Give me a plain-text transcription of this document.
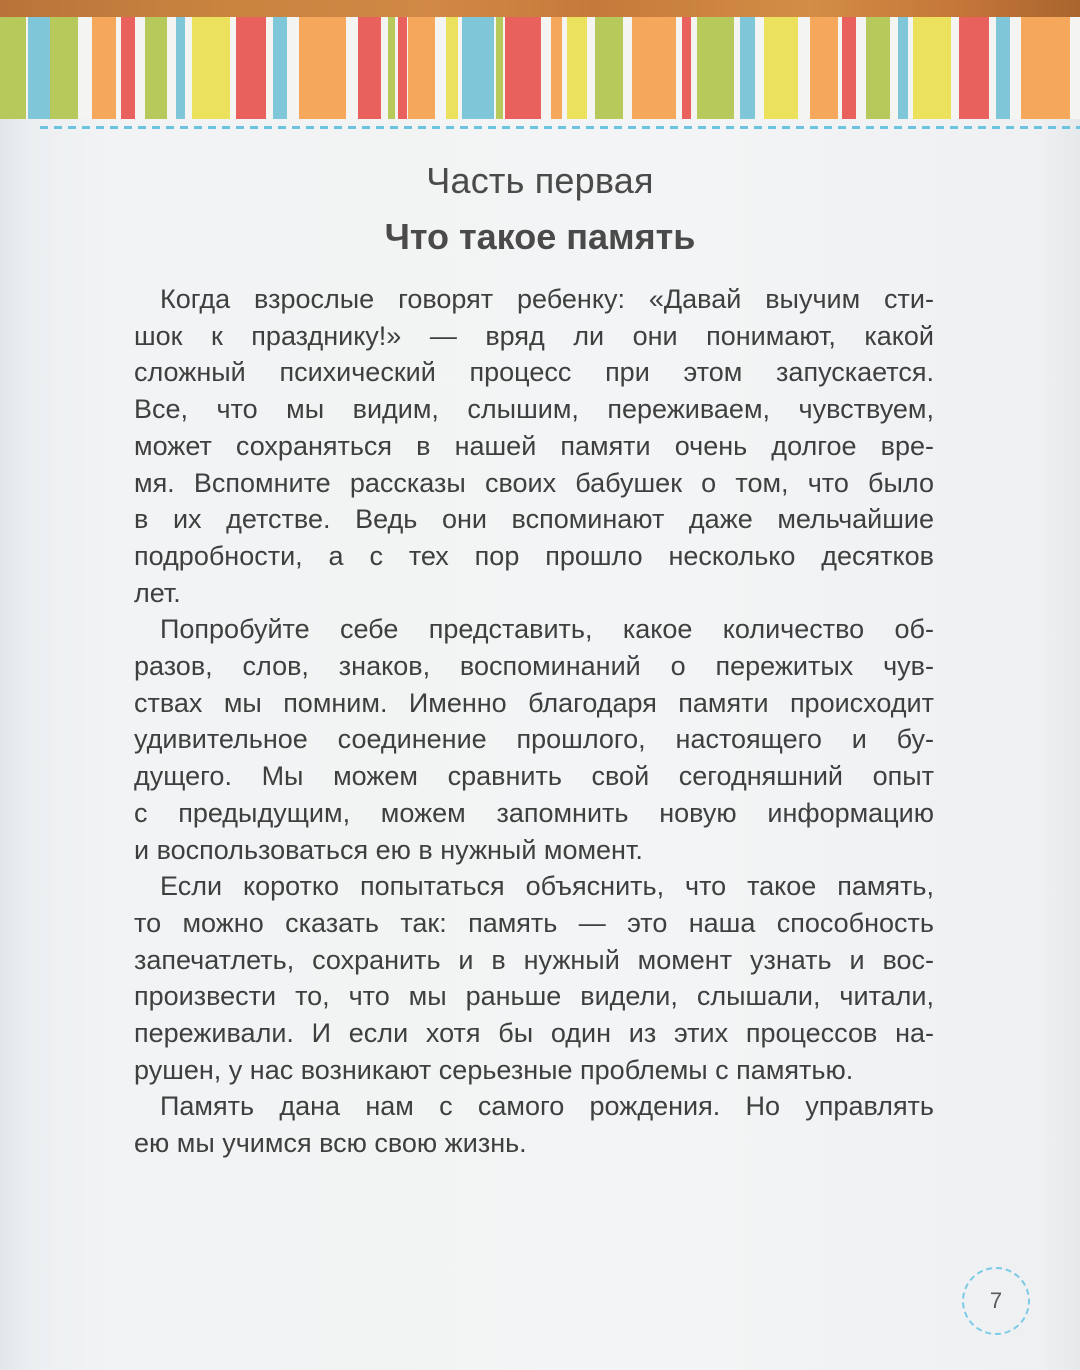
Часть первая
Что такое память

Когда взрослые говорят ребенку: «Давай выучим сти-
шок к празднику!» — вряд ли они понимают, какой
сложный психический процесс при этом запускается.
Все, что мы видим, слышим, переживаем, чувствуем,
может сохраняться в нашей памяти очень долгое вре-
мя. Вспомните рассказы своих бабушек о том, что было
в их детстве. Ведь они вспоминают даже мельчайшие
подробности, а с тех пор прошло несколько десятков
лет.

Попробуйте себе представить, какое количество об-
разов, слов, знаков, воспоминаний о пережитых чув-
ствах мы помним. Именно благодаря памяти происходит
удивительное соединение прошлого, настоящего и бу-
дущего. Мы можем сравнить свой сегодняшний опыт
с предыдущим, можем запомнить новую информацию
и воспользоваться ею в нужный момент.

Если коротко попытаться объяснить, что такое память,
то можно сказать так: память — это наша способность
запечатлеть, сохранить и в нужный момент узнать и вос-
произвести то, что мы раньше видели, слышали, читали,
переживали. И если хотя бы один из этих процессов на-
рушен, у нас возникают серьезные проблемы с памятью.

Память дана нам с самого рождения. Но управлять
ею мы учимся всю свою жизнь.

7
